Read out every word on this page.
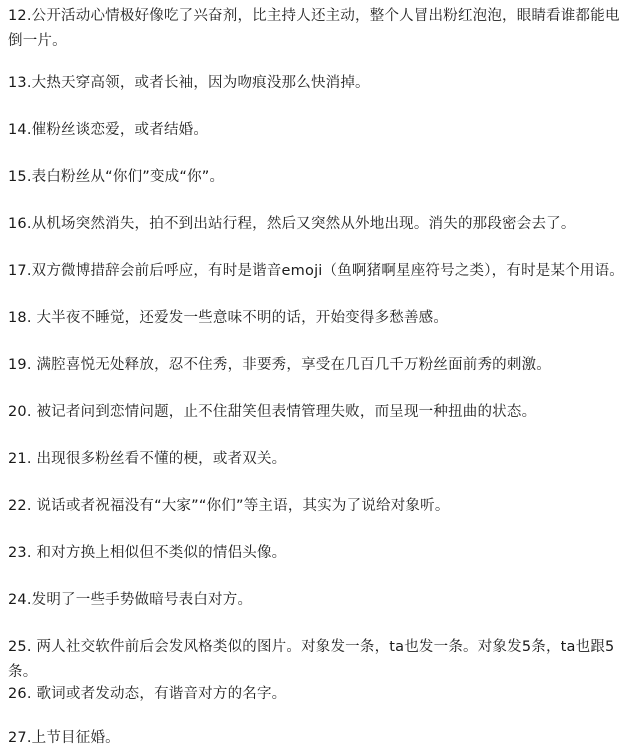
12.公开活动心情极好像吃了兴奋剂，比主持人还主动，整个人冒出粉红泡泡，眼睛看谁都能电倒一片。

13.大热天穿高领，或者长袖，因为吻痕没那么快消掉。

14.催粉丝谈恋爱，或者结婚。

15.表白粉丝从“你们”变成“你”。

16.从机场突然消失，拍不到出站行程，然后又突然从外地出现。消失的那段密会去了。

17.双方微博措辞会前后呼应，有时是谐音emoji（鱼啊猪啊星座符号之类），有时是某个用语。

18. 大半夜不睡觉，还爱发一些意味不明的话，开始变得多愁善感。

19. 满腔喜悦无处释放，忍不住秀，非要秀，享受在几百几千万粉丝面前秀的刺激。

20. 被记者问到恋情问题，止不住甜笑但表情管理失败，而呈现一种扭曲的状态。

21. 出现很多粉丝看不懂的梗，或者双关。

22. 说话或者祝福没有“大家”“你们”等主语，其实为了说给对象听。

23. 和对方换上相似但不类似的情侣头像。

24.发明了一些手势做暗号表白对方。

25. 两人社交软件前后会发风格类似的图片。对象发一条，ta也发一条。对象发5条，ta也跟5条。

26. 歌词或者发动态，有谐音对方的名字。

27.上节目征婚。
